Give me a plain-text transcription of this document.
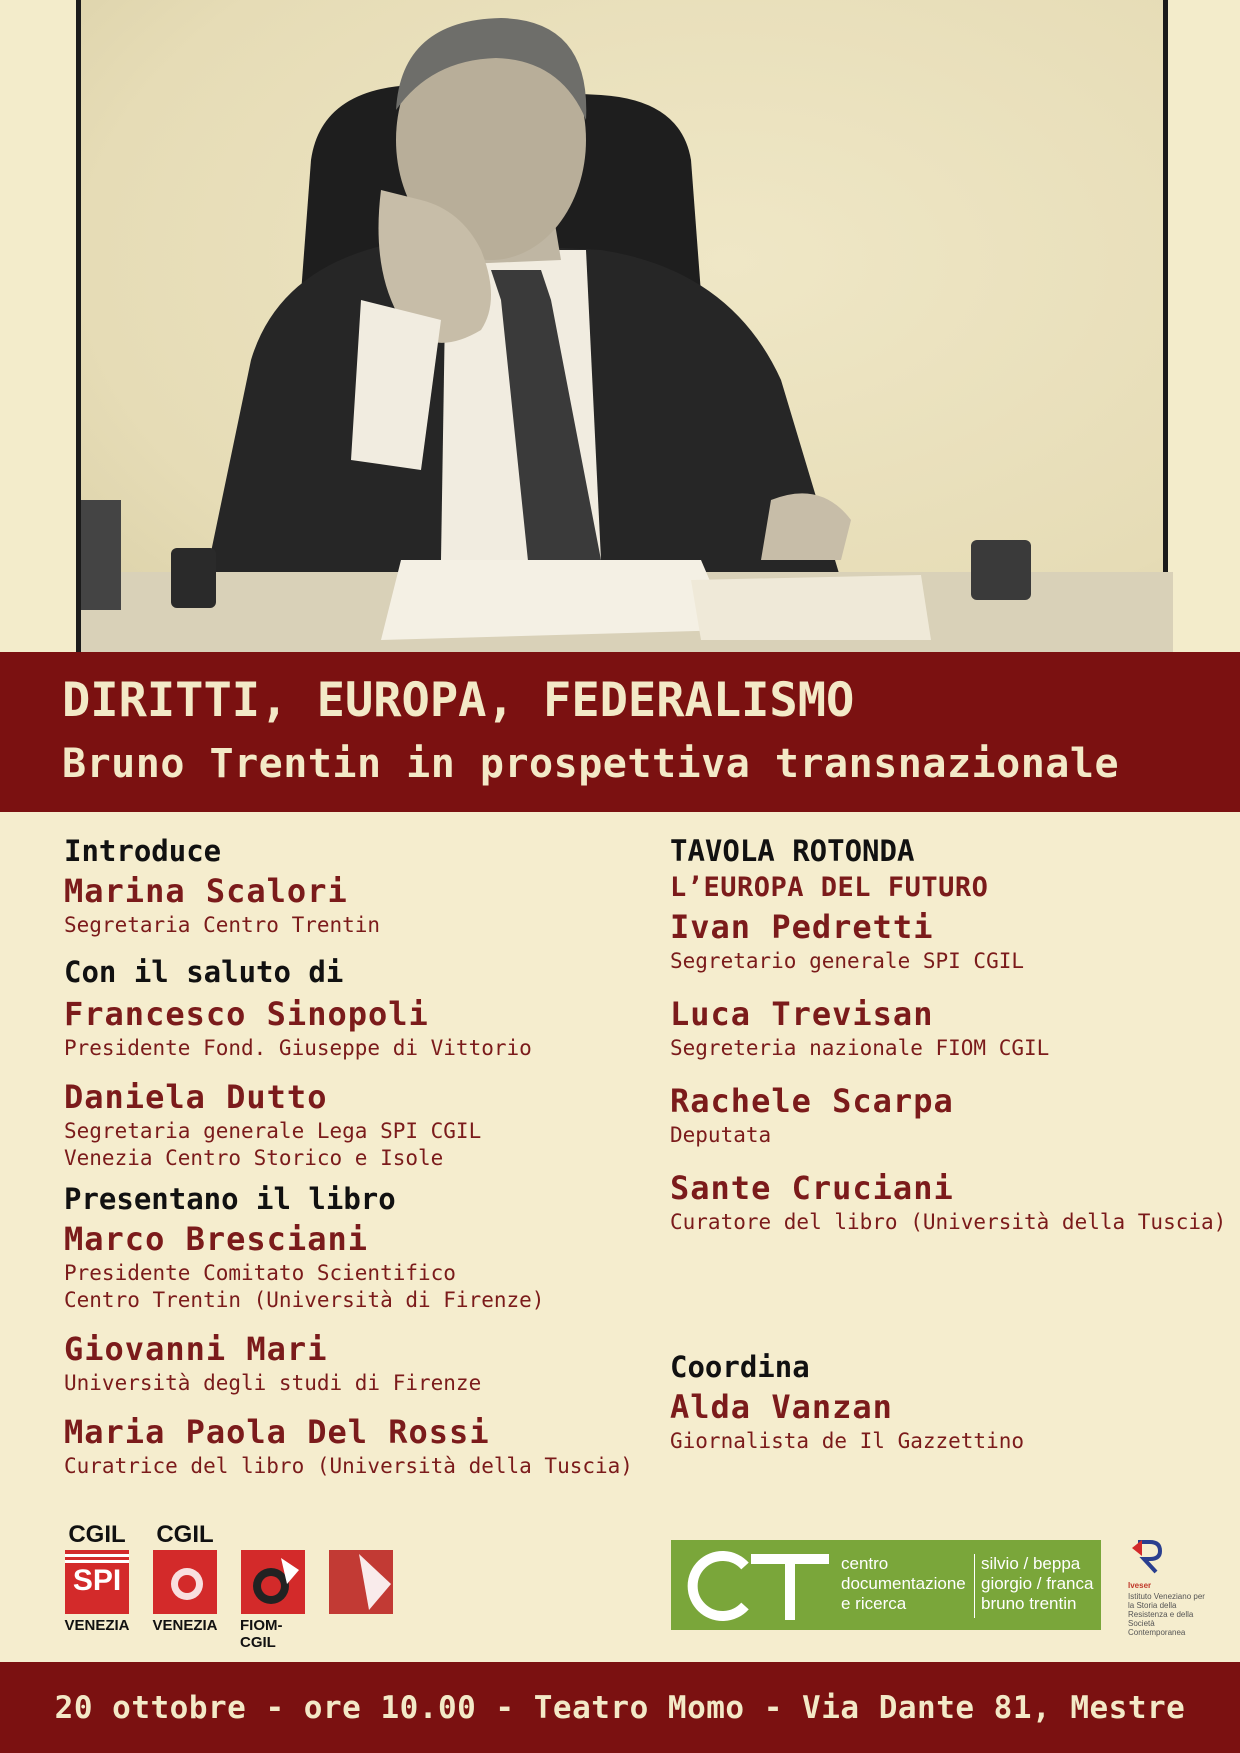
DIRITTI, EUROPA, FEDERALISMO
Bruno Trentin in prospettiva transnazionale
Introduce
Marina Scalori
Segretaria Centro Trentin
Con il saluto di
Francesco Sinopoli
Presidente Fond. Giuseppe di Vittorio
Daniela Dutto
Segretaria generale Lega SPI CGIL
Venezia Centro Storico e Isole
Presentano il libro
Marco Bresciani
Presidente Comitato Scientifico
Centro Trentin (Università di Firenze)
Giovanni Mari
Università degli studi di Firenze
Maria Paola Del Rossi
Curatrice del libro (Università della Tuscia)
TAVOLA ROTONDA
L’EUROPA DEL FUTURO
Ivan Pedretti
Segretario generale SPI CGIL
Luca Trevisan
Segreteria nazionale FIOM CGIL
Rachele Scarpa
Deputata
Sante Cruciani
Curatore del libro (Università della Tuscia)
Coordina
Alda Vanzan
Giornalista de Il Gazzettino
CGIL
SPI
VENEZIA
CGIL
VENEZIA FIOM-CGIL
centro
documentazione
e ricerca
silvio / beppa
giorgio / franca
bruno trentin
Iveser
Istituto Veneziano per la Storia della Resistenza e della Società Contemporanea
20 ottobre - ore 10.00 - Teatro Momo - Via Dante 81, Mestre
